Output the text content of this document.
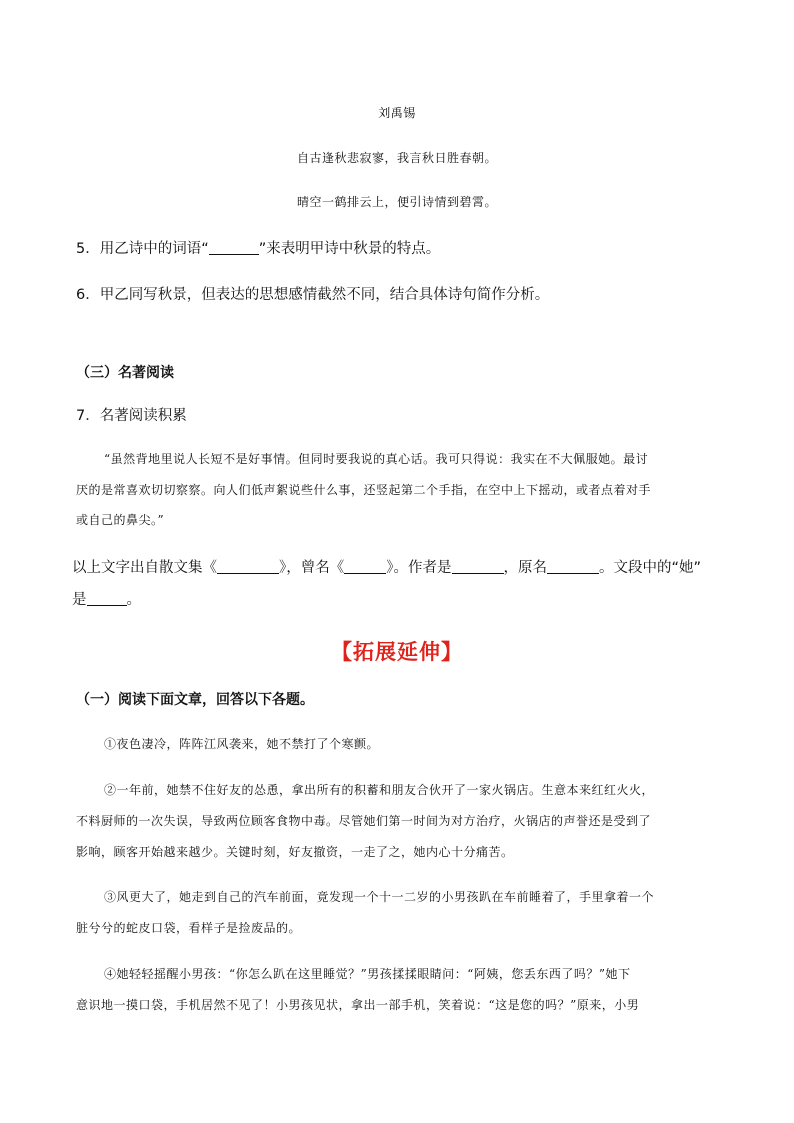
刘禹锡
自古逢秋悲寂寥，我言秋日胜春朝。
晴空一鹤排云上，便引诗情到碧霄。
5．用乙诗中的词语“	”来表明甲诗中秋景的特点。
6．甲乙同写秋景，但表达的思想感情截然不同，结合具体诗句简作分析。
（三）名著阅读
7．名著阅读积累
“虽然背地里说人长短不是好事情。但同时要我说的真心话。我可只得说：我实在不大佩服她。最讨
厌的是常喜欢切切察察。向人们低声絮说些什么事，还竖起第二个手指，在空中上下摇动，或者点着对手
或自己的鼻尖。”
以上文字出自散文集《	》，曾名《	》。作者是	，原名	。文段中的“她”
是	。
【拓展延伸】
（一）阅读下面文章，回答以下各题。
①夜色凄冷，阵阵江风袭来，她不禁打了个寒颤。
②一年前，她禁不住好友的怂恿，拿出所有的积蓄和朋友合伙开了一家火锅店。生意本来红红火火，
不料厨师的一次失误，导致两位顾客食物中毒。尽管她们第一时间为对方治疗，火锅店的声誉还是受到了
影响，顾客开始越来越少。关键时刻，好友撤资，一走了之，她内心十分痛苦。
③风更大了，她走到自己的汽车前面，竟发现一个十一二岁的小男孩趴在车前睡着了，手里拿着一个
脏兮兮的蛇皮口袋，看样子是捡废品的。
④她轻轻摇醒小男孩：“你怎么趴在这里睡觉？”男孩揉揉眼睛问：“阿姨，您丢东西了吗？”她下
意识地一摸口袋，手机居然不见了！小男孩见状，拿出一部手机，笑着说：“这是您的吗？”原来，小男
